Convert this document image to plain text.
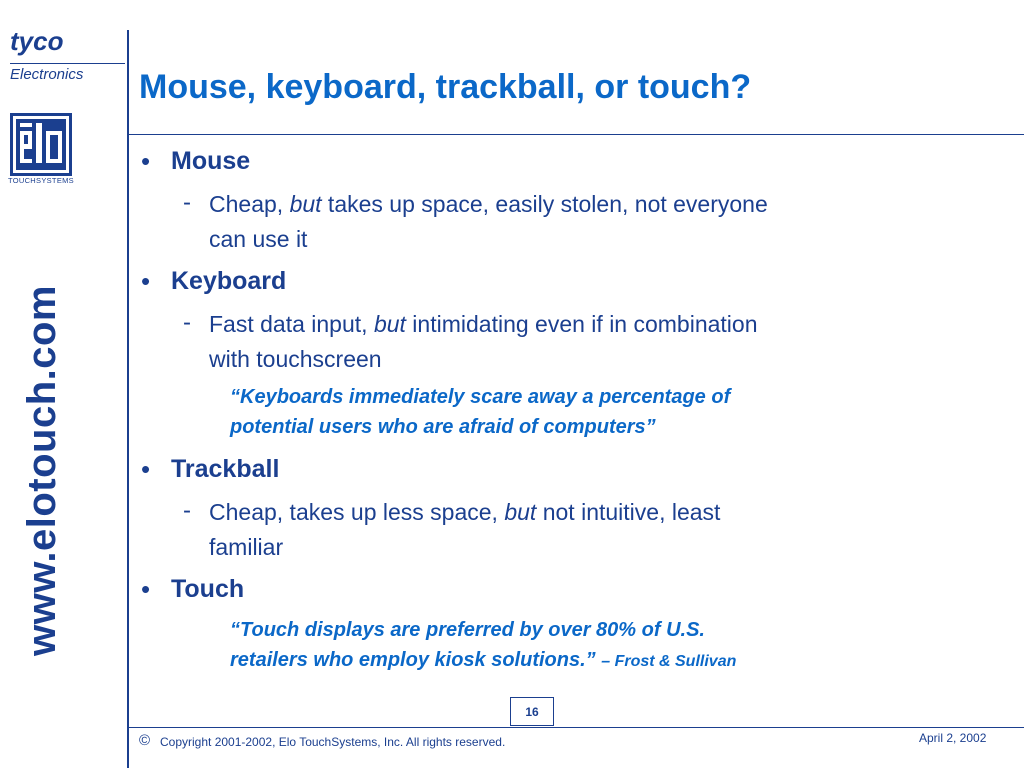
tyco
Electronics
TOUCHSYSTEMS
www.elotouch.com
Mouse, keyboard, trackball, or touch?
• Mouse
- Cheap, but takes up space, easily stolen, not everyone
can use it
• Keyboard
- Fast data input, but intimidating even if in combination
with touchscreen
“Keyboards immediately scare away a percentage of
potential users who are afraid of computers”
• Trackball
- Cheap, takes up less space, but not intuitive, least
familiar
• Touch
“Touch displays are preferred by over 80% of U.S.
retailers who employ kiosk solutions.” – Frost & Sullivan
16
© Copyright 2001-2002, Elo TouchSystems, Inc. All rights reserved.	April 2, 2002
